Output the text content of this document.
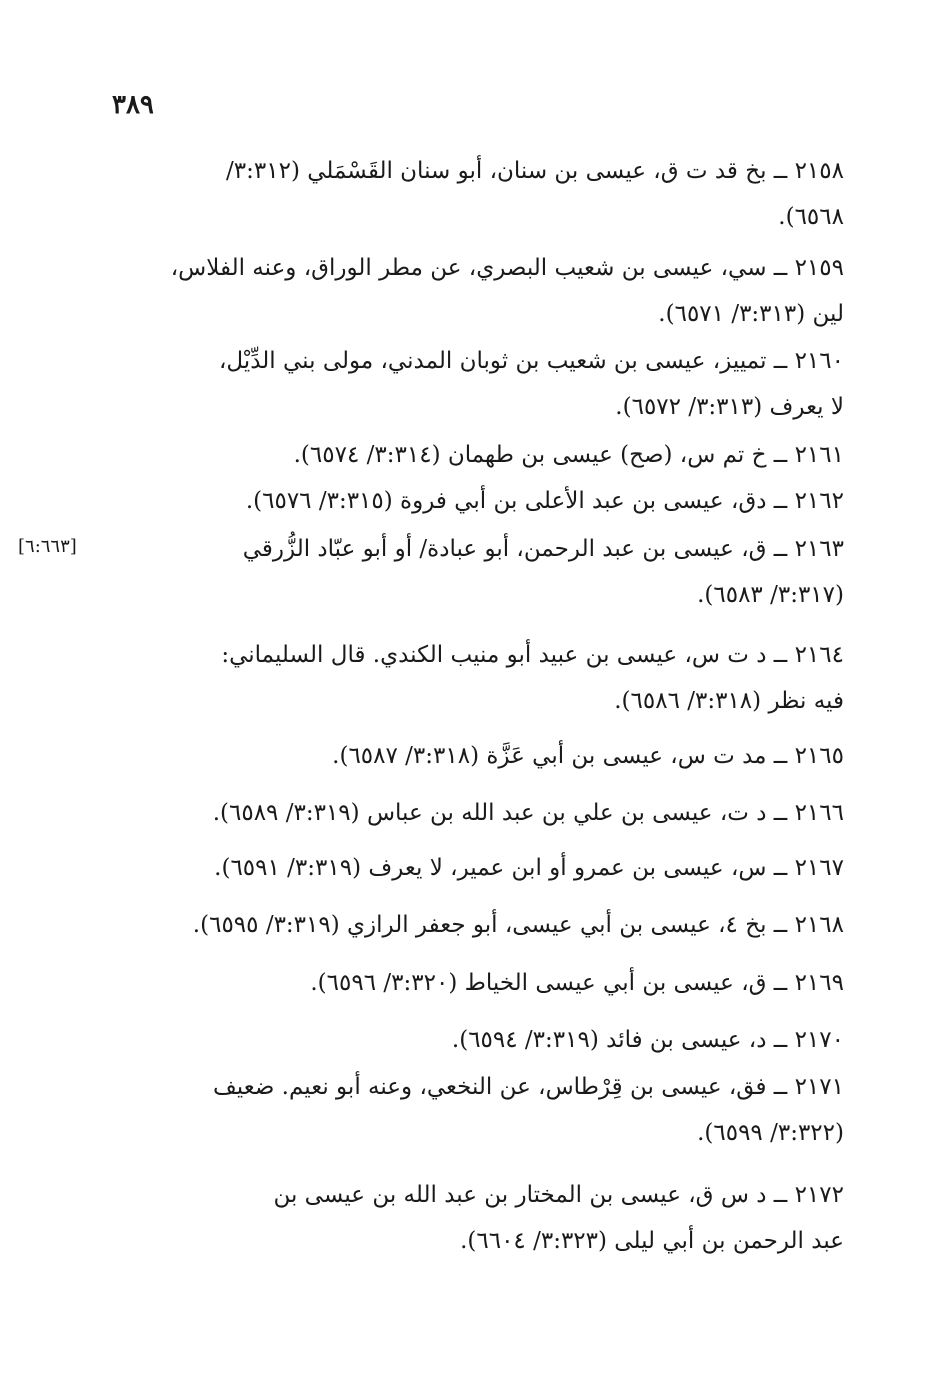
٣٨٩
[٦:٦٦٣]
٢١٥٨ ــ بخ قد ت ق، عيسى بن سنان، أبو سنان القَسْمَلي (٣:٣١٢/
٦٥٦٨).
٢١٥٩ ــ سي، عيسى بن شعيب البصري، عن مطر الوراق، وعنه الفلاس،
لين (٣:٣١٣/ ٦٥٧١).
٢١٦٠ ــ تمييز، عيسى بن شعيب بن ثوبان المدني، مولى بني الدِّيْل،
لا يعرف (٣:٣١٣/ ٦٥٧٢).
٢١٦١ ــ خ تم س، (صح) عيسى بن طهمان (٣:٣١٤/ ٦٥٧٤).
٢١٦٢ ــ دق، عيسى بن عبد الأعلى بن أبي فروة (٣:٣١٥/ ٦٥٧٦).
٢١٦٣ ــ ق، عيسى بن عبد الرحمن، أبو عبادة/ أو أبو عبّاد الزُّرقي
(٣:٣١٧/ ٦٥٨٣).
٢١٦٤ ــ د ت س، عيسى بن عبيد أبو منيب الكندي. قال السليماني:
فيه نظر (٣:٣١٨/ ٦٥٨٦).
٢١٦٥ ــ مد ت س، عيسى بن أبي عَزَّة (٣:٣١٨/ ٦٥٨٧).
٢١٦٦ ــ د ت، عيسى بن علي بن عبد الله بن عباس (٣:٣١٩/ ٦٥٨٩).
٢١٦٧ ــ س، عيسى بن عمرو أو ابن عمير، لا يعرف (٣:٣١٩/ ٦٥٩١).
٢١٦٨ ــ بخ ٤، عيسى بن أبي عيسى، أبو جعفر الرازي (٣:٣١٩/ ٦٥٩٥).
٢١٦٩ ــ ق، عيسى بن أبي عيسى الخياط (٣:٣٢٠/ ٦٥٩٦).
٢١٧٠ ــ د، عيسى بن فائد (٣:٣١٩/ ٦٥٩٤).
٢١٧١ ــ فق، عيسى بن قِرْطاس، عن النخعي، وعنه أبو نعيم. ضعيف
(٣:٣٢٢/ ٦٥٩٩).
٢١٧٢ ــ د س ق، عيسى بن المختار بن عبد الله بن عيسى بن
عبد الرحمن بن أبي ليلى (٣:٣٢٣/ ٦٦٠٤).
